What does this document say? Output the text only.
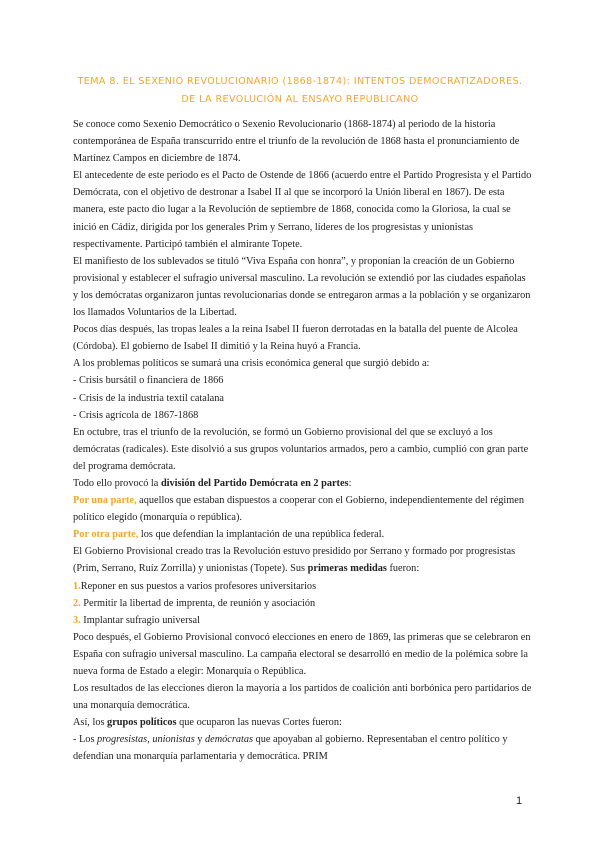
TEMA 8. EL SEXENIO REVOLUCIONARIO (1868-1874): INTENTOS DEMOCRATIZADORES. DE LA REVOLUCIÓN AL ENSAYO REPUBLICANO

Se conoce como Sexenio Democrático o Sexenio Revolucionario (1868-1874) al periodo de la historia contemporánea de España transcurrido entre el triunfo de la revolución de 1868 hasta el pronunciamiento de Martínez Campos en diciembre de 1874.

El antecedente de este periodo es el Pacto de Ostende de 1866 (acuerdo entre el Partido Progresista y el Partido Demócrata, con el objetivo de destronar a Isabel II al que se incorporó la Unión liberal en 1867). De esta manera, este pacto dio lugar a la Revolución de septiembre de 1868, conocida como la Gloriosa, la cual se inició en Cádiz, dirigida por los generales Prim y Serrano, líderes de los progresistas y unionistas respectivamente. Participó también el almirante Topete.

El manifiesto de los sublevados se tituló “Viva España con honra”, y proponían la creación de un Gobierno provisional y establecer el sufragio universal masculino. La revolución se extendió por las ciudades españolas y los demócratas organizaron juntas revolucionarias donde se entregaron armas a la población y se organizaron los llamados Voluntarios de la Libertad.

Pocos días después, las tropas leales a la reina Isabel II fueron derrotadas en la batalla del puente de Alcolea (Córdoba). El gobierno de Isabel II dimitió y la Reina huyó a Francia.

A los problemas políticos se sumará una crisis económica general que surgió debido a:

- Crisis bursátil o financiera de 1866

- Crisis de la industria textil catalana

- Crisis agrícola de 1867-1868

En octubre, tras el triunfo de la revolución, se formó un Gobierno provisional del que se excluyó a los demócratas (radicales). Este disolvió a sus grupos voluntarios armados, pero a cambio, cumplió con gran parte del programa demócrata.

Todo ello provocó la división del Partido Demócrata en 2 partes:

Por una parte, aquellos que estaban dispuestos a cooperar con el Gobierno, independientemente del régimen político elegido (monarquía o república).

Por otra parte, los que defendían la implantación de una república federal.

El Gobierno Provisional creado tras la Revolución estuvo presidido por Serrano y formado por progresistas (Prim, Serrano, Ruíz Zorrilla) y unionistas (Topete). Sus primeras medidas fueron:

1.Reponer en sus puestos a varios profesores universitarios

2. Permitir la libertad de imprenta, de reunión y asociación

3. Implantar sufragio universal

Poco después, el Gobierno Provisional convocó elecciones en enero de 1869, las primeras que se celebraron en España con sufragio universal masculino. La campaña electoral se desarrolló en medio de la polémica sobre la nueva forma de Estado a elegir: Monarquía o República.

Los resultados de las elecciones dieron la mayoría a los partidos de coalición anti borbónica pero partidarios de una monarquía democrática.

Así, los grupos políticos que ocuparon las nuevas Cortes fueron:

- Los progresistas, unionistas y demócratas que apoyaban al gobierno. Representaban el centro político y defendían una monarquía parlamentaria y democrática. PRIM

1
